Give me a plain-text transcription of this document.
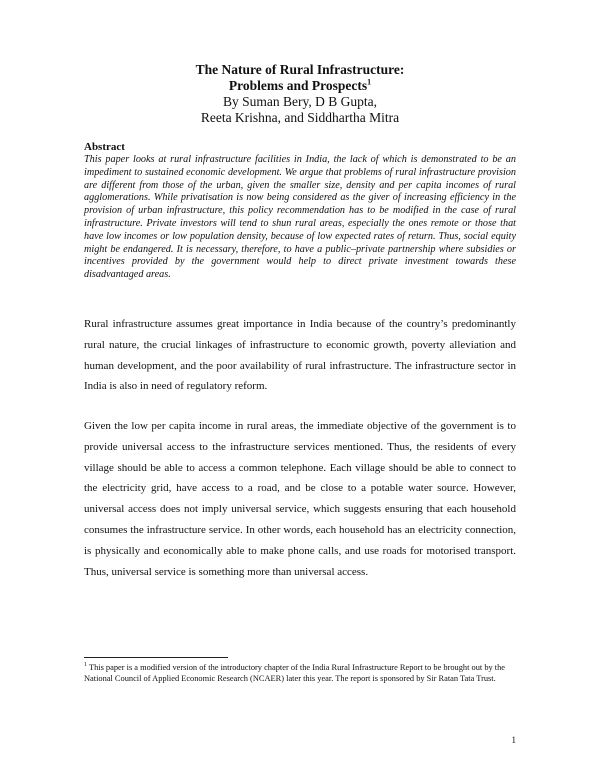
The Nature of Rural Infrastructure:

Problems and Prospects$^1$

By Suman Bery, D B Gupta,

Reeta Krishna, and Siddhartha Mitra

Abstract

This paper looks at rural infrastructure facilities in India, the lack of which is demonstrated to be an impediment to sustained economic development. We argue that problems of rural infrastructure provision are different from those of the urban, given the smaller size, density and per capita incomes of rural agglomerations. While privatisation is now being considered as the giver of increasing efficiency in the provision of urban infrastructure, this policy recommendation has to be modified in the case of rural infrastructure. Private investors will tend to shun rural areas, especially the ones remote or those that have low incomes or low population density, because of low expected rates of return. Thus, social equity might be endangered. It is necessary, therefore, to have a public–private partnership where subsidies or incentives provided by the government would help to direct private investment towards these disadvantaged areas.

Rural infrastructure assumes great importance in India because of the country’s predominantly rural nature, the crucial linkages of infrastructure to economic growth, poverty alleviation and human development, and the poor availability of rural infrastructure. The infrastructure sector in India is also in need of regulatory reform.

Given the low per capita income in rural areas, the immediate objective of the government is to provide universal access to the infrastructure services mentioned. Thus, the residents of every village should be able to access a common telephone. Each village should be able to connect to the electricity grid, have access to a road, and be close to a potable water source. However, universal access does not imply universal service, which suggests ensuring that each household consumes the infrastructure service. In other words, each household has an electricity connection, is physically and economically able to make phone calls, and use roads for motorised transport. Thus, universal service is something more than universal access.

$^1$ This paper is a modified version of the introductory chapter of the India Rural Infrastructure Report to be brought out by the National Council of Applied Economic Research (NCAER) later this year. The report is sponsored by Sir Ratan Tata Trust.

1
